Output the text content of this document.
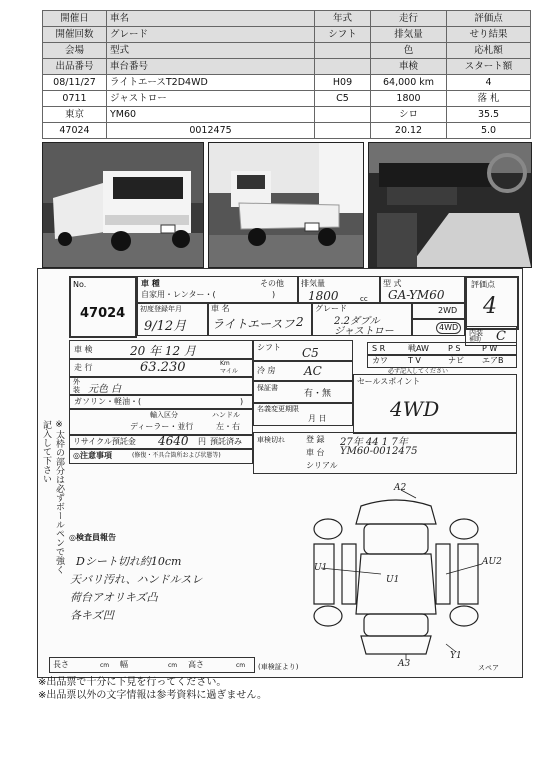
開催日	車名	年式	走行	評価点
開催回数	グレード	シフト	排気量	せり結果
会場	型式		色	応札額
出品番号	車台番号		車検	スタート額
08/11/27	ライトエースT2D4WD	H09	64,000 km	4
0711	ジャストロー	C5	1800	落 札
東京	YM60		シロ	35.5
47024	0012475		20.12	5.0
No.
47024
車 種
自家用・レンター・(	)
その他 排気量
1800	cc
型 式
GA-YM60
評価点
4
初度登録年月
9/12月
車 名
ライトエースフ 2
グレード
2.2ダブル
ジャストロー
2WD
4WD
内装
補助 C
車 検	20 年 12 月	シフト C5	S R	戦AW P S	P W
カワ	T V	ナビ エアB
必ず記入してください
走 行	63.230	Km
マイル 冷 房 AC
セールスポイント
4WD
外
装 元色 白	保証書
有・無
ガソリン・軽油・(	)
名義変更期限
月 日
輸入区分	ハンドル
ディーラー・並行	左・右
リサイクル預託金 4640 円 預託済み 車検切れ	登 録 27年 44 1 7年
車 台 YM60-0012475
シリアル
◎注意事項	(修復・不具合箇所および状態等)
◎検査員報告
Dシート切れ約10cm
天バリ汚れ、ハンドルスレ
荷台アオリキズ凸
各キズ凹
A2
U1
U1
AU2
A3
Y1
スペア
長さ	cm 幅	cm 高さ	cm (車検証より)
※太枠の部分は必ずボールペンで強く記入して下さい
※出品票で十分に下見を行ってください。
※出品票以外の文字情報は参考資料に過ぎません。
